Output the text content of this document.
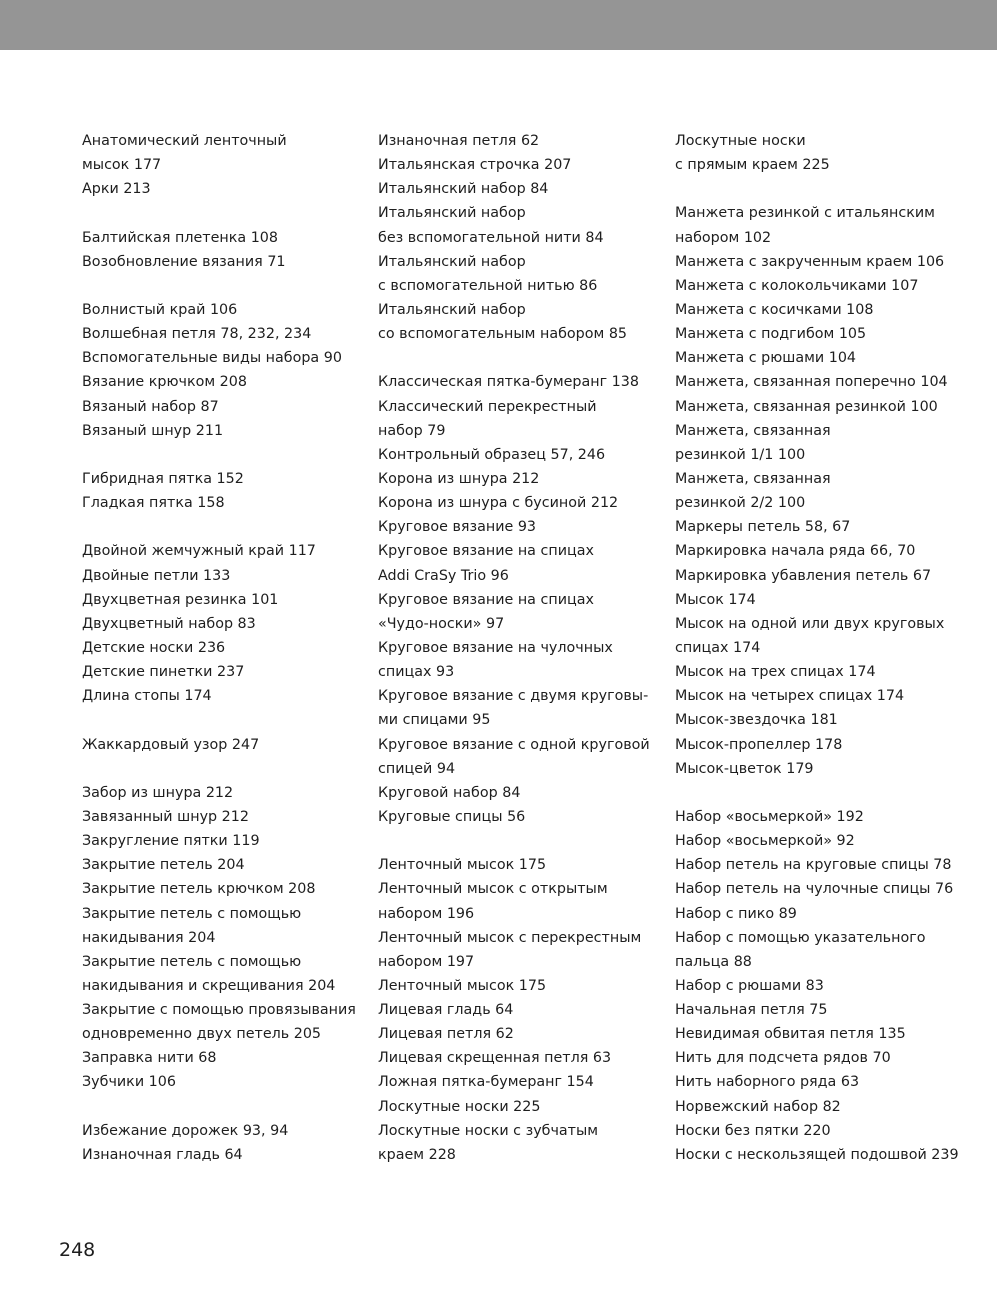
Анатомический ленточный
мысок 177
Арки 213
Балтийская плетенка 108
Возобновление вязания 71
Волнистый край 106
Волшебная петля 78, 232, 234
Вспомогательные виды набора 90
Вязание крючком 208
Вязаный набор 87
Вязаный шнур 211
Гибридная пятка 152
Гладкая пятка 158
Двойной жемчужный край 117
Двойные петли 133
Двухцветная резинка 101
Двухцветный набор 83
Детские носки 236
Детские пинетки 237
Длина стопы 174
Жаккардовый узор 247
Забор из шнура 212
Завязанный шнур 212
Закругление пятки 119
Закрытие петель 204
Закрытие петель крючком 208
Закрытие петель с помощью
накидывания 204
Закрытие петель с помощью
накидывания и скрещивания 204
Закрытие с помощью провязывания
одновременно двух петель 205
Заправка нити 68
Зубчики 106
Избежание дорожек 93, 94
Изнаночная гладь 64
Изнаночная петля 62
Итальянская строчка 207
Итальянский набор 84
Итальянский набор
без вспомогательной нити 84
Итальянский набор
с вспомогательной нитью 86
Итальянский набор
со вспомогательным набором 85
Классическая пятка-бумеранг 138
Классический перекрестный
набор 79
Контрольный образец 57, 246
Корона из шнура 212
Корона из шнура с бусиной 212
Круговое вязание 93
Круговое вязание на спицах
Addi CraSy Trio 96
Круговое вязание на спицах
«Чудо-носки» 97
Круговое вязание на чулочных
спицах 93
Круговое вязание с двумя круговы-
ми спицами 95
Круговое вязание с одной круговой
спицей 94
Круговой набор 84
Круговые спицы 56
Ленточный мысок 175
Ленточный мысок с открытым
набором 196
Ленточный мысок с перекрестным
набором 197
Ленточный мысок 175
Лицевая гладь 64
Лицевая петля 62
Лицевая скрещенная петля 63
Ложная пятка-бумеранг 154
Лоскутные носки 225
Лоскутные носки с зубчатым
краем 228
Лоскутные носки
с прямым краем 225
Манжета резинкой с итальянским
набором 102
Манжета с закрученным краем 106
Манжета с колокольчиками 107
Манжета с косичками 108
Манжета с подгибом 105
Манжета с рюшами 104
Манжета, связанная поперечно 104
Манжета, связанная резинкой 100
Манжета, связанная
резинкой 1/1 100
Манжета, связанная
резинкой 2/2 100
Маркеры петель 58, 67
Маркировка начала ряда 66, 70
Маркировка убавления петель 67
Мысок 174
Мысок на одной или двух круговых
спицах 174
Мысок на трех спицах 174
Мысок на четырех спицах 174
Мысок-звездочка 181
Мысок-пропеллер 178
Мысок-цветок 179
Набор «восьмеркой» 192
Набор «восьмеркой» 92
Набор петель на круговые спицы 78
Набор петель на чулочные спицы 76
Набор с пико 89
Набор с помощью указательного
пальца 88
Набор с рюшами 83
Начальная петля 75
Невидимая обвитая петля 135
Нить для подсчета рядов 70
Нить наборного ряда 63
Норвежский набор 82
Носки без пятки 220
Носки с нескользящей подошвой 239
248
